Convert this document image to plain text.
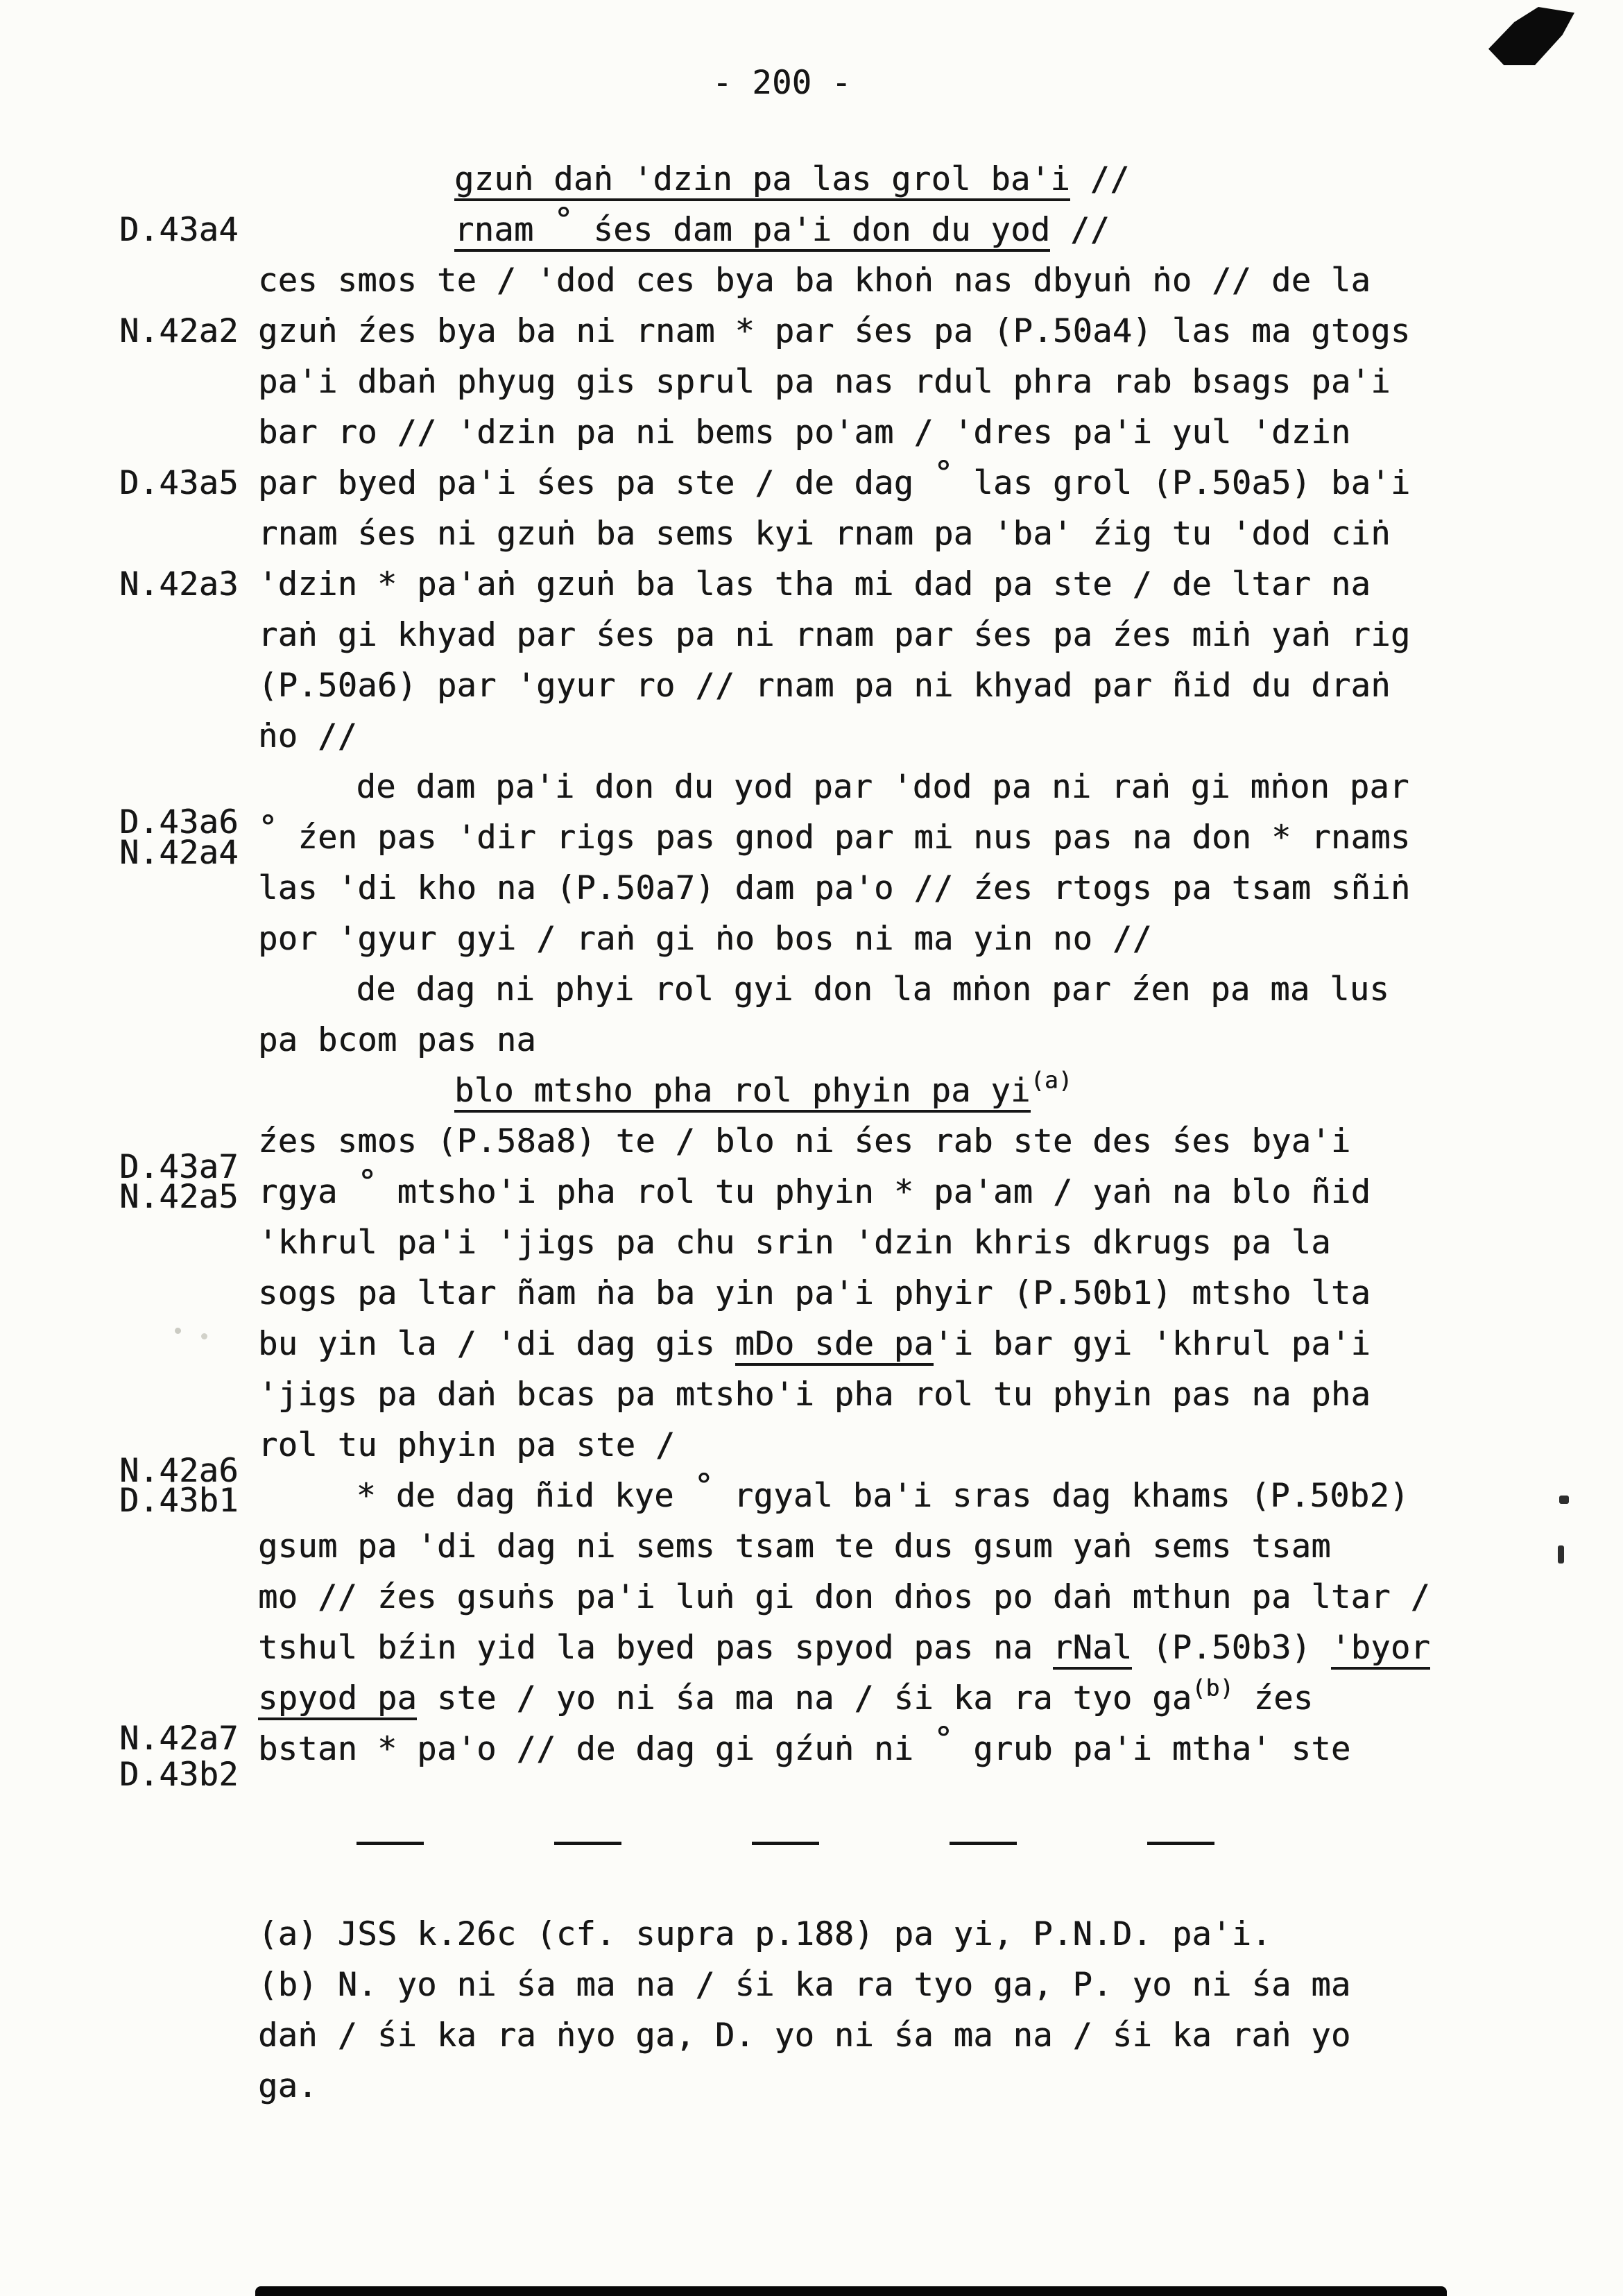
- 200 -
D.43a4
N.42a2
D.43a5
N.42a3
D.43a6
N.42a4
D.43a7
N.42a5
N.42a6
D.43b1
N.42a7
D.43b2
gzuṅ daṅ 'dzin pa las grol ba'i //
rnam ° śes dam pa'i don du yod //
ces smos te / 'dod ces bya ba khoṅ nas dbyuṅ ṅo // de la
gzuṅ źes bya ba ni rnam * par śes pa (P.50a4) las ma gtogs
pa'i dbaṅ phyug gis sprul pa nas rdul phra rab bsags pa'i
bar ro // 'dzin pa ni bems po'am / 'dres pa'i yul 'dzin
par byed pa'i śes pa ste / de dag ° las grol (P.50a5) ba'i
rnam śes ni gzuṅ ba sems kyi rnam pa 'ba' źig tu 'dod ciṅ
'dzin * pa'aṅ gzuṅ ba las tha mi dad pa ste / de ltar na
raṅ gi khyad par śes pa ni rnam par śes pa źes miṅ yaṅ rig
(P.50a6) par 'gyur ro // rnam pa ni khyad par ñid du draṅ
ṅo //
de dam pa'i don du yod par 'dod pa ni raṅ gi mṅon par
° źen pas 'dir rigs pas gnod par mi nus pas na don * rnams
las 'di kho na (P.50a7) dam pa'o // źes rtogs pa tsam sñiṅ
por 'gyur gyi / raṅ gi ṅo bos ni ma yin no //
de dag ni phyi rol gyi don la mṅon par źen pa ma lus
pa bcom pas na
blo mtsho pha rol phyin pa yi(a)
źes smos (P.58a8) te / blo ni śes rab ste des śes bya'i
rgya ° mtsho'i pha rol tu phyin * pa'am / yaṅ na blo ñid
'khrul pa'i 'jigs pa chu srin 'dzin khris dkrugs pa la
sogs pa ltar ñam ṅa ba yin pa'i phyir (P.50b1) mtsho lta
bu yin la / 'di dag gis mDo sde pa'i bar gyi 'khrul pa'i
'jigs pa daṅ bcas pa mtsho'i pha rol tu phyin pas na pha
rol tu phyin pa ste /
* de dag ñid kye ° rgyal ba'i sras dag khams (P.50b2)
gsum pa 'di dag ni sems tsam te dus gsum yaṅ sems tsam
mo // źes gsuṅs pa'i luṅ gi don dṅos po daṅ mthun pa ltar /
tshul bźin yid la byed pas spyod pas na rNal (P.50b3) 'byor
spyod pa ste / yo ni śa ma na / śi ka ra tyo ga(b) źes
bstan * pa'o // de dag gi gźuṅ ni ° grub pa'i mtha' ste
(a) JSS k.26c (cf. supra p.188) pa yi, P.N.D. pa'i.
(b) N. yo ni śa ma na / śi ka ra tyo ga, P. yo ni śa ma
daṅ / śi ka ra ṅyo ga, D. yo ni śa ma na / śi ka raṅ yo
ga.
